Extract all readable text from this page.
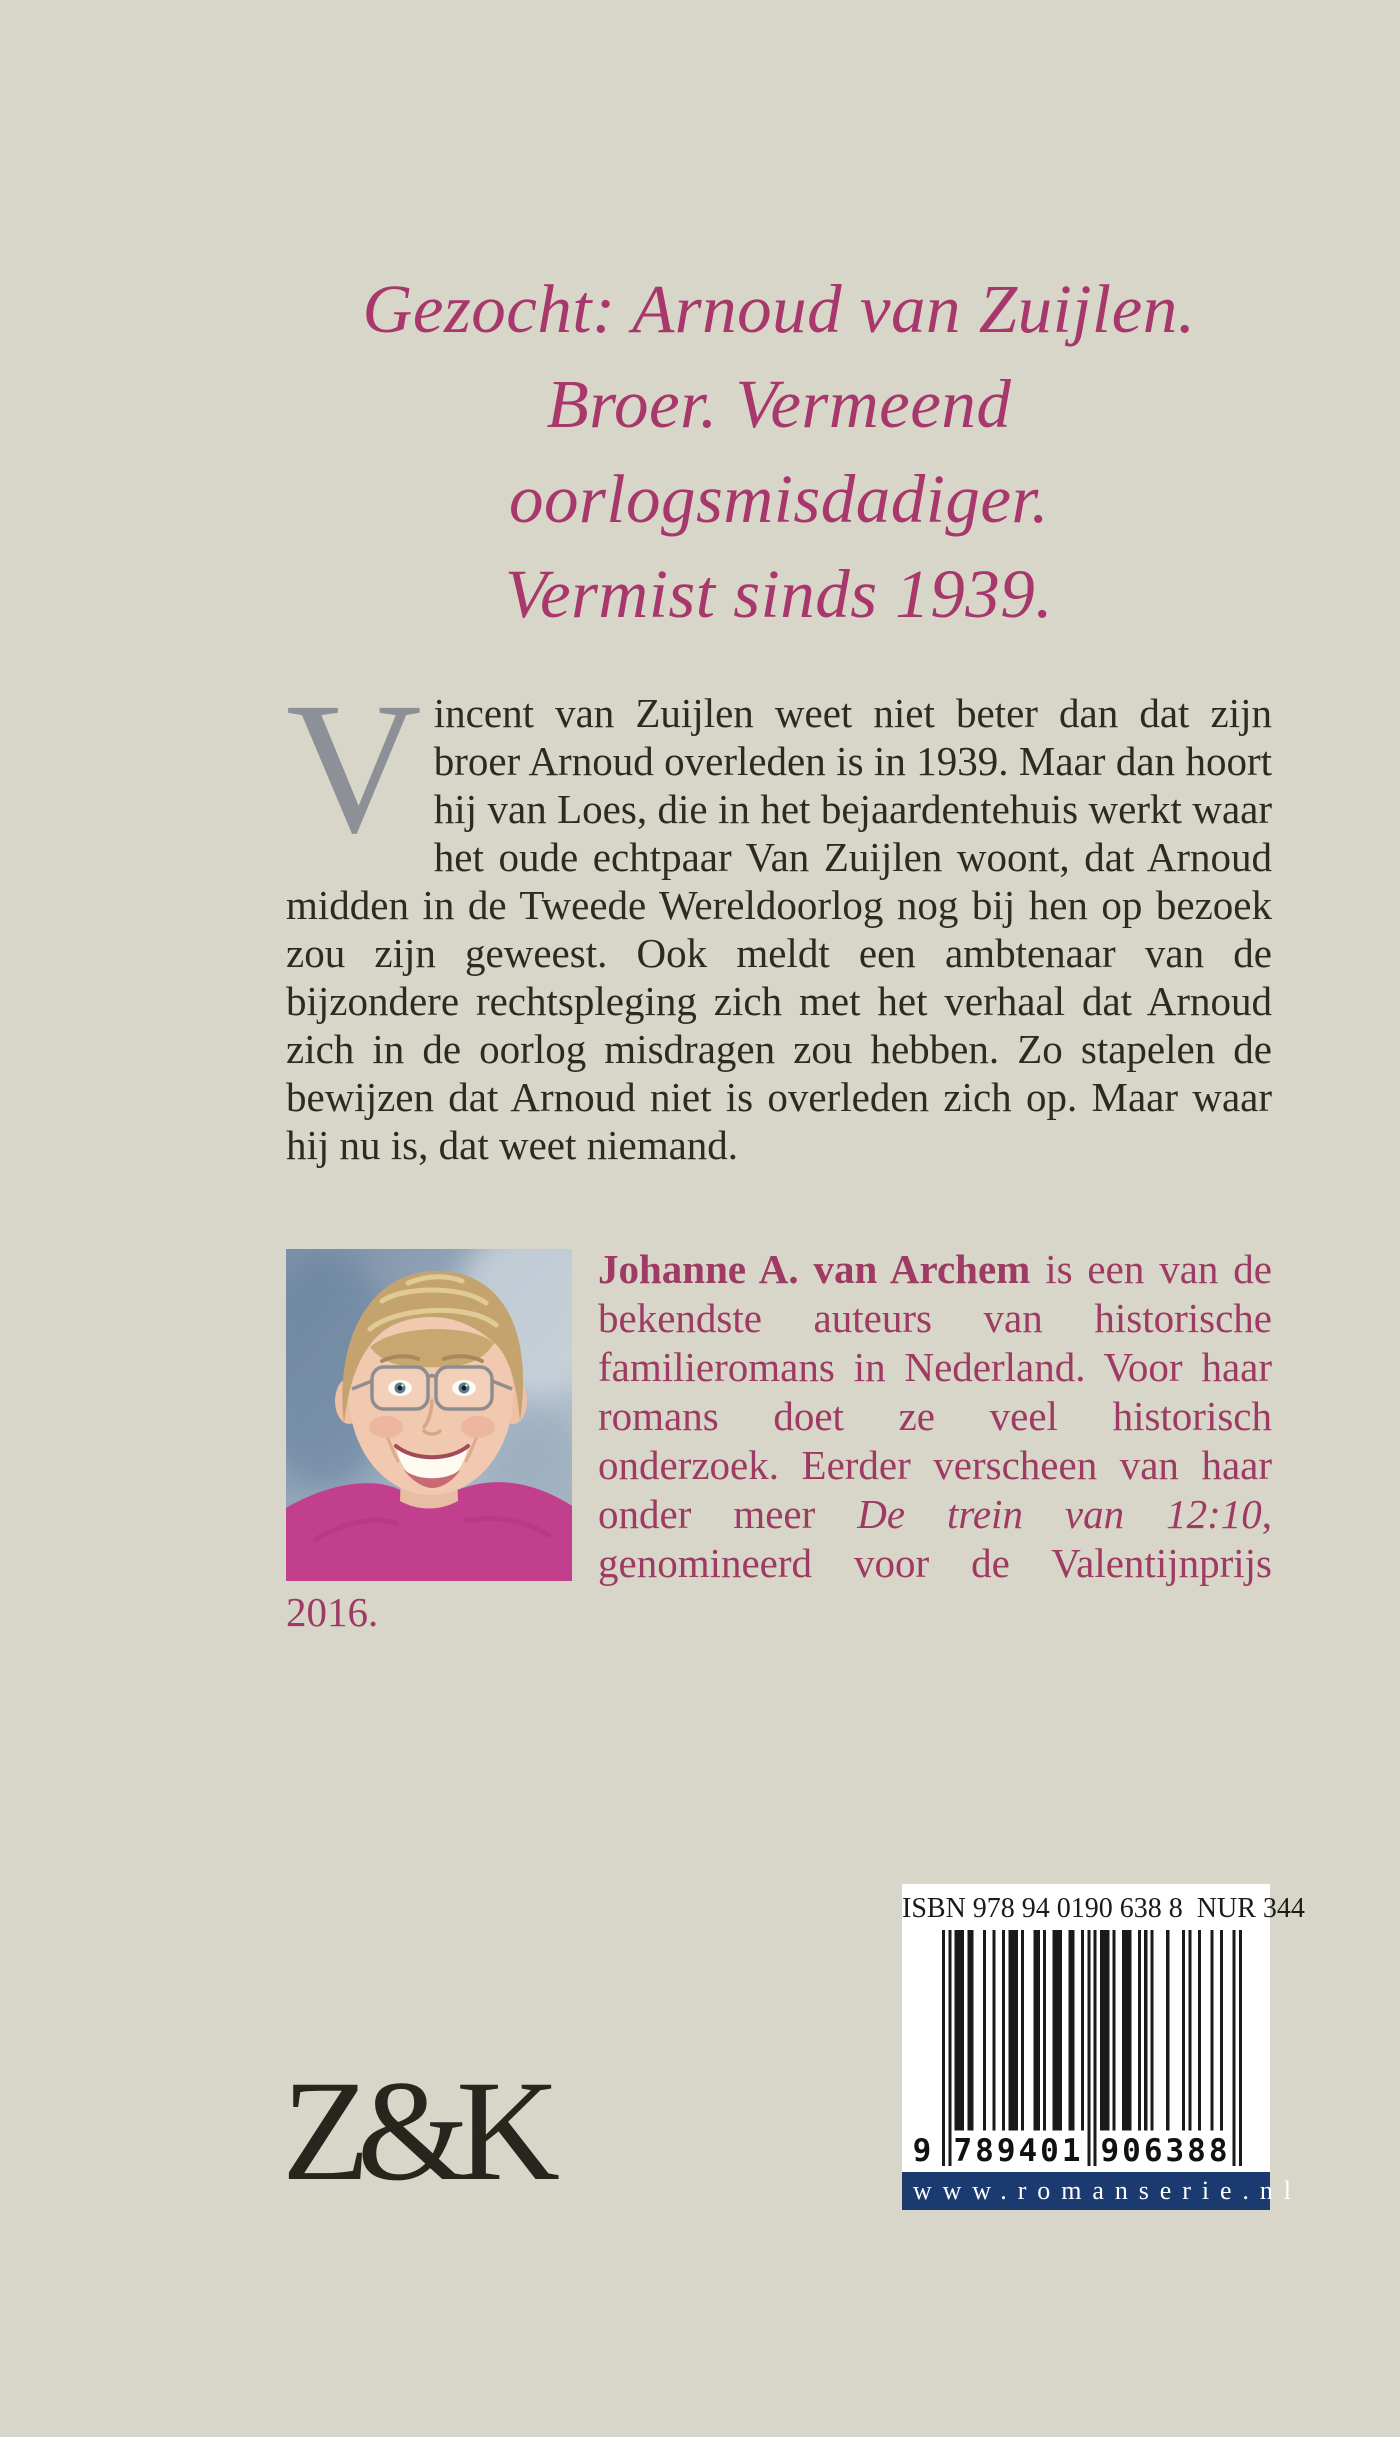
Gezocht: Arnoud van Zuijlen.
Broer. Vermeend oorlogsmisdadiger.
Vermist sinds 1939.

Vincent van Zuijlen weet niet beter dan dat zijn broer Arnoud overleden is in 1939. Maar dan hoort hij van Loes, die in het bejaardentehuis werkt waar het oude echtpaar Van Zuijlen woont, dat Arnoud midden in de Tweede Wereldoorlog nog bij hen op bezoek zou zijn geweest. Ook meldt een ambtenaar van de bijzondere rechtspleging zich met het verhaal dat Arnoud zich in de oorlog misdragen zou hebben. Zo stapelen de bewijzen dat Arnoud niet is overleden zich op. Maar waar hij nu is, dat weet niemand.

Johanne A. van Archem is een van de bekendste auteurs van historische familieromans in Nederland. Voor haar romans doet ze veel historisch onderzoek. Eerder verscheen van haar onder meer De trein van 12:10, genomineerd voor de Valentijnprijs 2016.

Z&K

ISBN 978 94 0190 638 8  NUR 344

9 789401 906388
www.romanserie.nl
